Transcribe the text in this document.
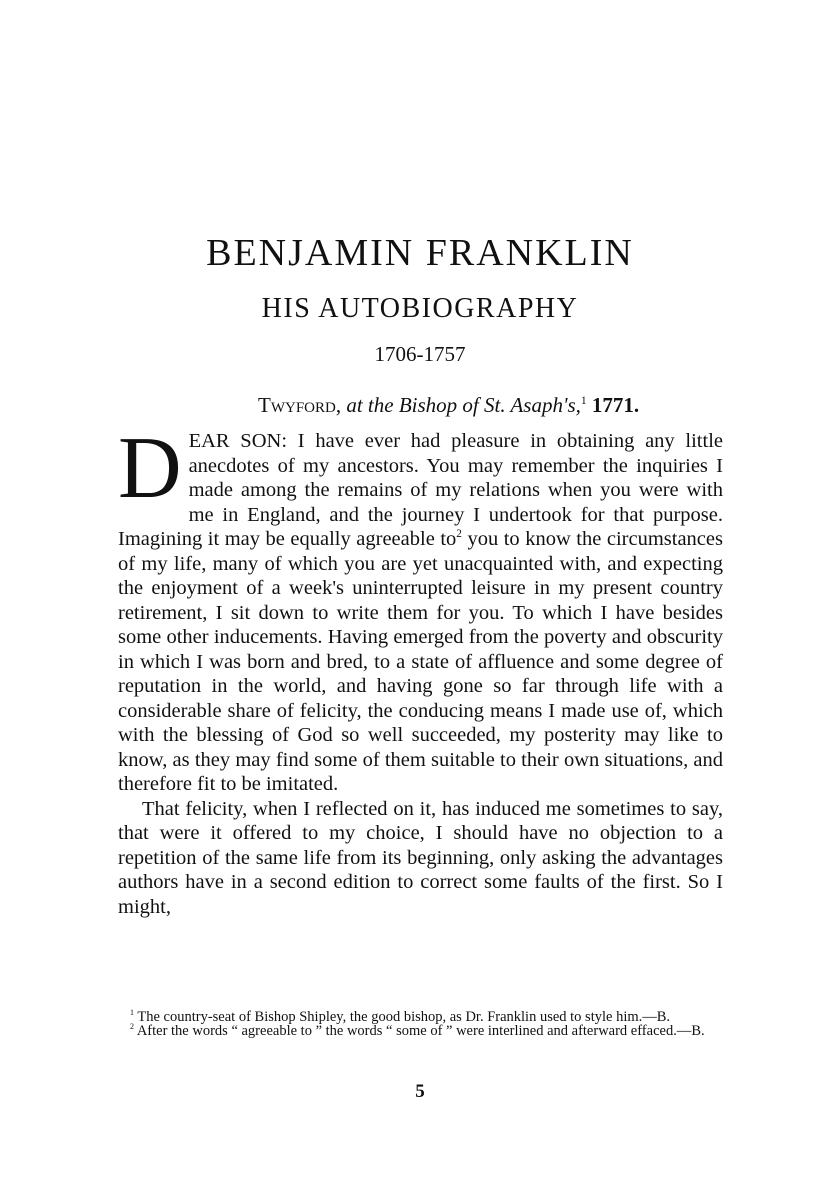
BENJAMIN FRANKLIN
HIS AUTOBIOGRAPHY
1706-1757
Twyford, at the Bishop of St. Asaph's,$^1$ 1771.

DEAR SON: I have ever had pleasure in obtaining any little anecdotes of my ancestors. You may remember the inquiries I made among the remains of my relations when you were with me in England, and the journey I undertook for that purpose. Imagining it may be equally agreeable $to^2$ you to know the circumstances of my life, many of which you are yet unacquainted with, and expecting the enjoyment of a week's uninterrupted leisure in my present country retirement, I sit down to write them for you. To which I have besides some other inducements. Having emerged from the poverty and obscurity in which I was born and bred, to a state of affluence and some degree of reputation in the world, and having gone so far through life with a considerable share of felicity, the conducing means I made use of, which with the blessing of God so well succeeded, my posterity may like to know, as they may find some of them suitable to their own situations, and therefore fit to be imitated.

That felicity, when I reflected on it, has induced me sometimes to say, that were it offered to my choice, I should have no objection to a repetition of the same life from its beginning, only asking the advantages authors have in a second edition to correct some faults of the first. So I might,

$^1$ The country-seat of Bishop Shipley, the good bishop, as Dr. Franklin used to style him.—B.

$^2$ After the words “ agreeable to ” the words “ some of ” were interlined and afterward effaced.—B.

5
